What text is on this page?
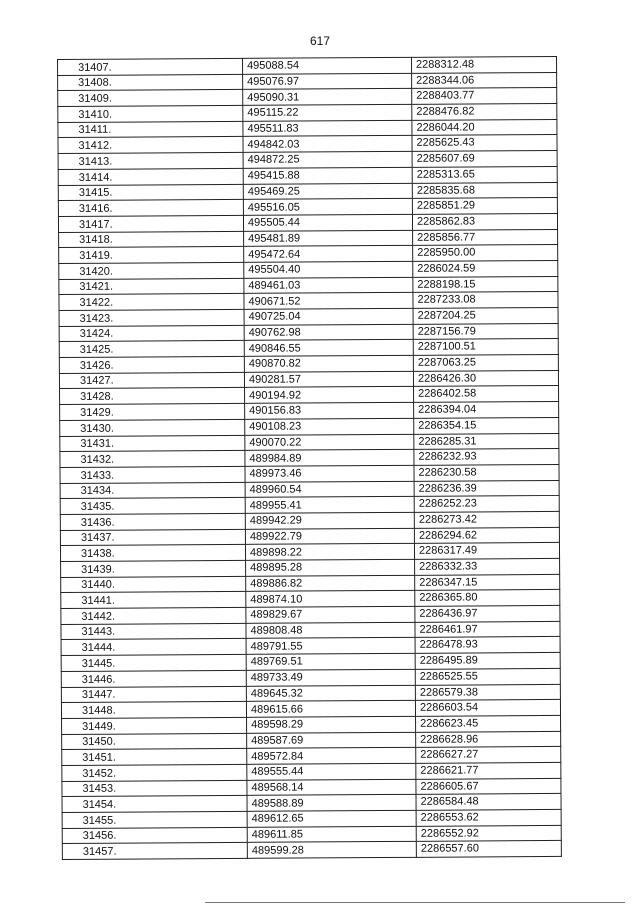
617
31407.	495088.54	2288312.48
31408.	495076.97	2288344.06
31409.	495090.31	2288403.77
31410.	495115.22	2288476.82
31411.	495511.83	2286044.20
31412.	494842.03	2285625.43
31413.	494872.25	2285607.69
31414.	495415.88	2285313.65
31415.	495469.25	2285835.68
31416.	495516.05	2285851.29
31417.	495505.44	2285862.83
31418.	495481.89	2285856.77
31419.	495472.64	2285950.00
31420.	495504.40	2286024.59
31421.	489461.03	2288198.15
31422.	490671.52	2287233.08
31423.	490725.04	2287204.25
31424.	490762.98	2287156.79
31425.	490846.55	2287100.51
31426.	490870.82	2287063.25
31427.	490281.57	2286426.30
31428.	490194.92	2286402.58
31429.	490156.83	2286394.04
31430.	490108.23	2286354.15
31431.	490070.22	2286285.31
31432.	489984.89	2286232.93
31433.	489973.46	2286230.58
31434.	489960.54	2286236.39
31435.	489955.41	2286252.23
31436.	489942.29	2286273.42
31437.	489922.79	2286294.62
31438.	489898.22	2286317.49
31439.	489895.28	2286332.33
31440.	489886.82	2286347.15
31441.	489874.10	2286365.80
31442.	489829.67	2286436.97
31443.	489808.48	2286461.97
31444.	489791.55	2286478.93
31445.	489769.51	2286495.89
31446.	489733.49	2286525.55
31447.	489645.32	2286579.38
31448.	489615.66	2286603.54
31449.	489598.29	2286623.45
31450.	489587.69	2286628.96
31451.	489572.84	2286627.27
31452.	489555.44	2286621.77
31453.	489568.14	2286605.67
31454.	489588.89	2286584.48
31455.	489612.65	2286553.62
31456.	489611.85	2286552.92
31457.	489599.28	2286557.60
